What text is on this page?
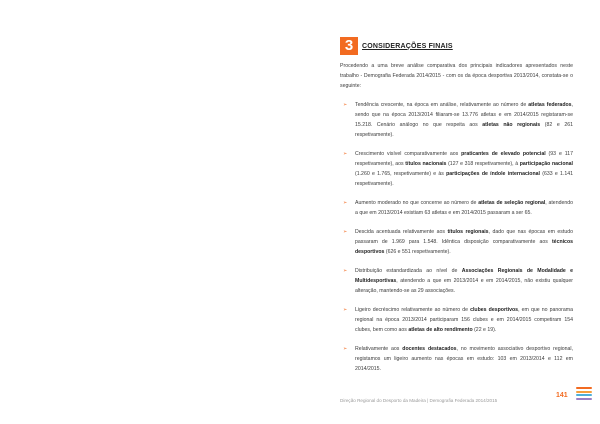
3	CONSIDERAÇÕES FINAIS

Procedendo a uma breve análise comparativa dos principais indicadores apresentados neste trabalho - Demografia Federada 2014/2015 - com os da época desportiva 2013/2014, constata-se o seguinte:

➢ Tendência crescente, na época em análise, relativamente ao número de atletas federados, sendo que na época 2013/2014 filiaram-se 13.776 atletas e em 2014/2015 registaram-se 15.218. Cenário análogo no que respeita aos atletas não regionais (82 e 261 respetivamente).
➢ Crescimento visível comparativamente aos praticantes de elevado potencial (93 e 117 respetivamente), aos títulos nacionais (127 e 318 respetivamente), à participação nacional (1.260 e 1.765, respetivamente) e às participações de índole internacional (633 e 1.141 respetivamente).
➢ Aumento moderado no que concerne ao número de atletas de seleção regional, atendendo a que em 2013/2014 existiam 63 atletas e em 2014/2015 passaram a ser 65.
➢ Descida acentuada relativamente aos títulos regionais, dado que nas épocas em estudo passaram de 1.969 para 1.548. Idêntica disposição comparativamente aos técnicos desportivos (626 e 551 respetivamente).
➢ Distribuição estandardizada ao nível de Associações Regionais de Modalidade e Multidesportivas, atendendo a que em 2013/2014 e em 2014/2015, não existiu qualquer alteração, mantendo-se as 29 associações.
➢ Ligeiro decréscimo relativamente ao número de clubes desportivos, em que no panorama regional na época 2013/2014 participaram 156 clubes e em 2014/2015 competiram 154 clubes, bem como aos atletas de alto rendimento (22 e 19).
➢ Relativamente aos docentes destacados, no movimento associativo desportivo regional, registamos um ligeiro aumento nas épocas em estudo: 103 em 2013/2014 e 112 em 2014/2015.
Direção Regional do Desporto da Madeira | Demografia Federada 2014/2015
141
